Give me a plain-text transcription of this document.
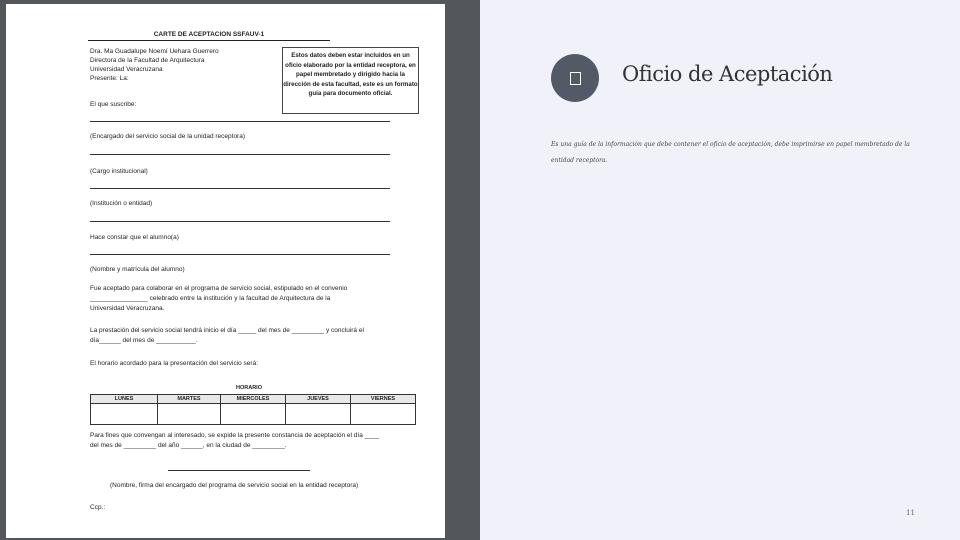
CARTE DE ACEPTACION SSFAUV-1
Dra. Ma Guadalupe Noemí Uehara Guerrero
Directora de la Facultad de Arquitectura
Universidad Veracruzana
Presente: La:
Estos datos deben estar incluidos en un oficio elaborado por la entidad receptora, en papel membretado y dirigido hacia la dirección de esta facultad, este es un formato guía para documento oficial.
El que suscribe:
(Encargado del servicio social de la unidad receptora)
(Cargo institucional)
(Institución o entidad)
Hace constar que el alumno(a)
(Nombre y matrícula del alumno)
Fue aceptado para colaborar en el programa de servicio social, estipulado en el convenio
________________ celebrado entre la institución y la facultad de Arquitectura de la
Universidad Veracruzana.
La prestación del servicio social tendrá inicio el día _____ del mes de _________ y concluirá el
día______ del mes de ___________.
El horario acordado para la presentación del servicio será:
HORARIO
LUNES	MARTES	MIERCOLES	JUEVES	VIERNES

Para fines que convengan al interesado, se expide la presente constancia de aceptación el día ____
del mes de _________ del año ______, en la ciudad de _________.
(Nombre, firma del encargado del programa de servicio social en la entidad receptora)
Ccp.:
Oficio de Aceptación
Es una guía de la información que debe contener el oficio de aceptación, debe imprimirse en papel membretado de la entidad receptora.
11
